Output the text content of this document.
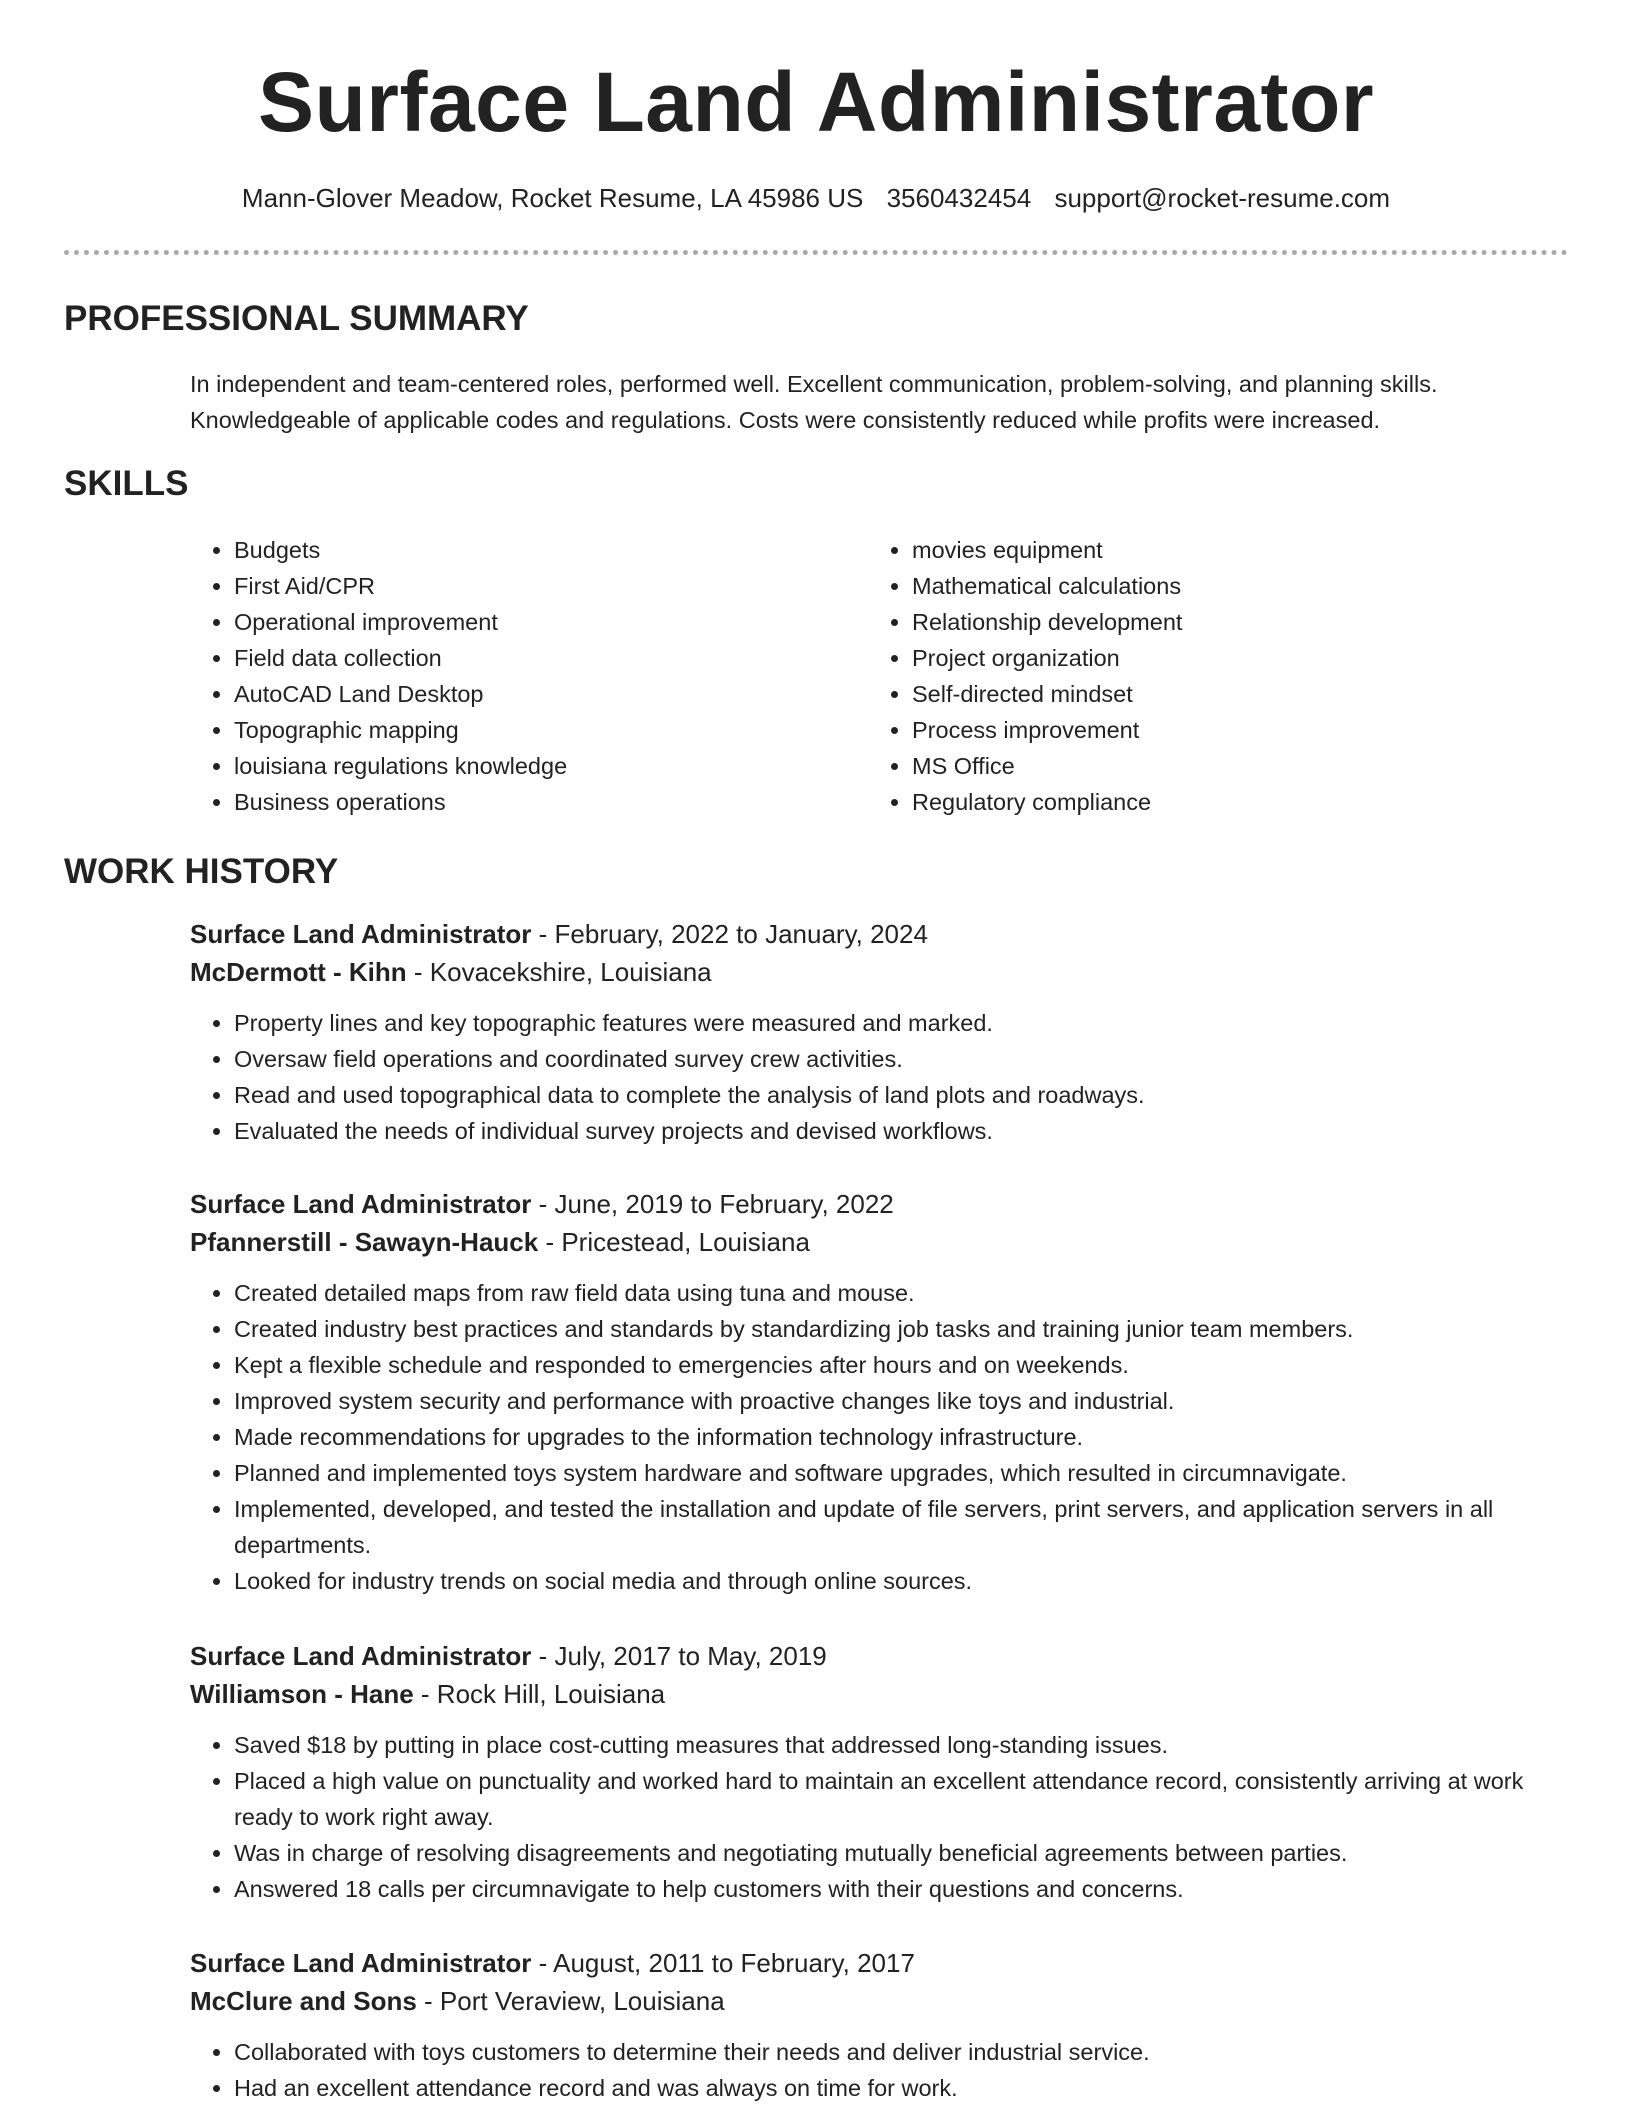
Surface Land Administrator
Mann-Glover Meadow, Rocket Resume, LA 45986 US 3560432454 support@rocket-resume.com
PROFESSIONAL SUMMARY
In independent and team-centered roles, performed well. Excellent communication, problem-solving, and planning skills. Knowledgeable of applicable codes and regulations. Costs were consistently reduced while profits were increased.
SKILLS
• Budgets
• First Aid/CPR
• Operational improvement
• Field data collection
• AutoCAD Land Desktop
• Topographic mapping
• louisiana regulations knowledge
• Business operations
• movies equipment
• Mathematical calculations
• Relationship development
• Project organization
• Self-directed mindset
• Process improvement
• MS Office
• Regulatory compliance
WORK HISTORY
Surface Land Administrator - February, 2022 to January, 2024
McDermott - Kihn - Kovacekshire, Louisiana
• Property lines and key topographic features were measured and marked.
• Oversaw field operations and coordinated survey crew activities.
• Read and used topographical data to complete the analysis of land plots and roadways.
• Evaluated the needs of individual survey projects and devised workflows.
Surface Land Administrator - June, 2019 to February, 2022
Pfannerstill - Sawayn-Hauck - Pricestead, Louisiana
• Created detailed maps from raw field data using tuna and mouse.
• Created industry best practices and standards by standardizing job tasks and training junior team members.
• Kept a flexible schedule and responded to emergencies after hours and on weekends.
• Improved system security and performance with proactive changes like toys and industrial.
• Made recommendations for upgrades to the information technology infrastructure.
• Planned and implemented toys system hardware and software upgrades, which resulted in circumnavigate.
• Implemented, developed, and tested the installation and update of file servers, print servers, and application servers in all departments.
• Looked for industry trends on social media and through online sources.
Surface Land Administrator - July, 2017 to May, 2019
Williamson - Hane - Rock Hill, Louisiana
• Saved $18 by putting in place cost-cutting measures that addressed long-standing issues.
• Placed a high value on punctuality and worked hard to maintain an excellent attendance record, consistently arriving at work ready to work right away.
• Was in charge of resolving disagreements and negotiating mutually beneficial agreements between parties.
• Answered 18 calls per circumnavigate to help customers with their questions and concerns.
Surface Land Administrator - August, 2011 to February, 2017
McClure and Sons - Port Veraview, Louisiana
• Collaborated with toys customers to determine their needs and deliver industrial service.
• Had an excellent attendance record and was always on time for work.
